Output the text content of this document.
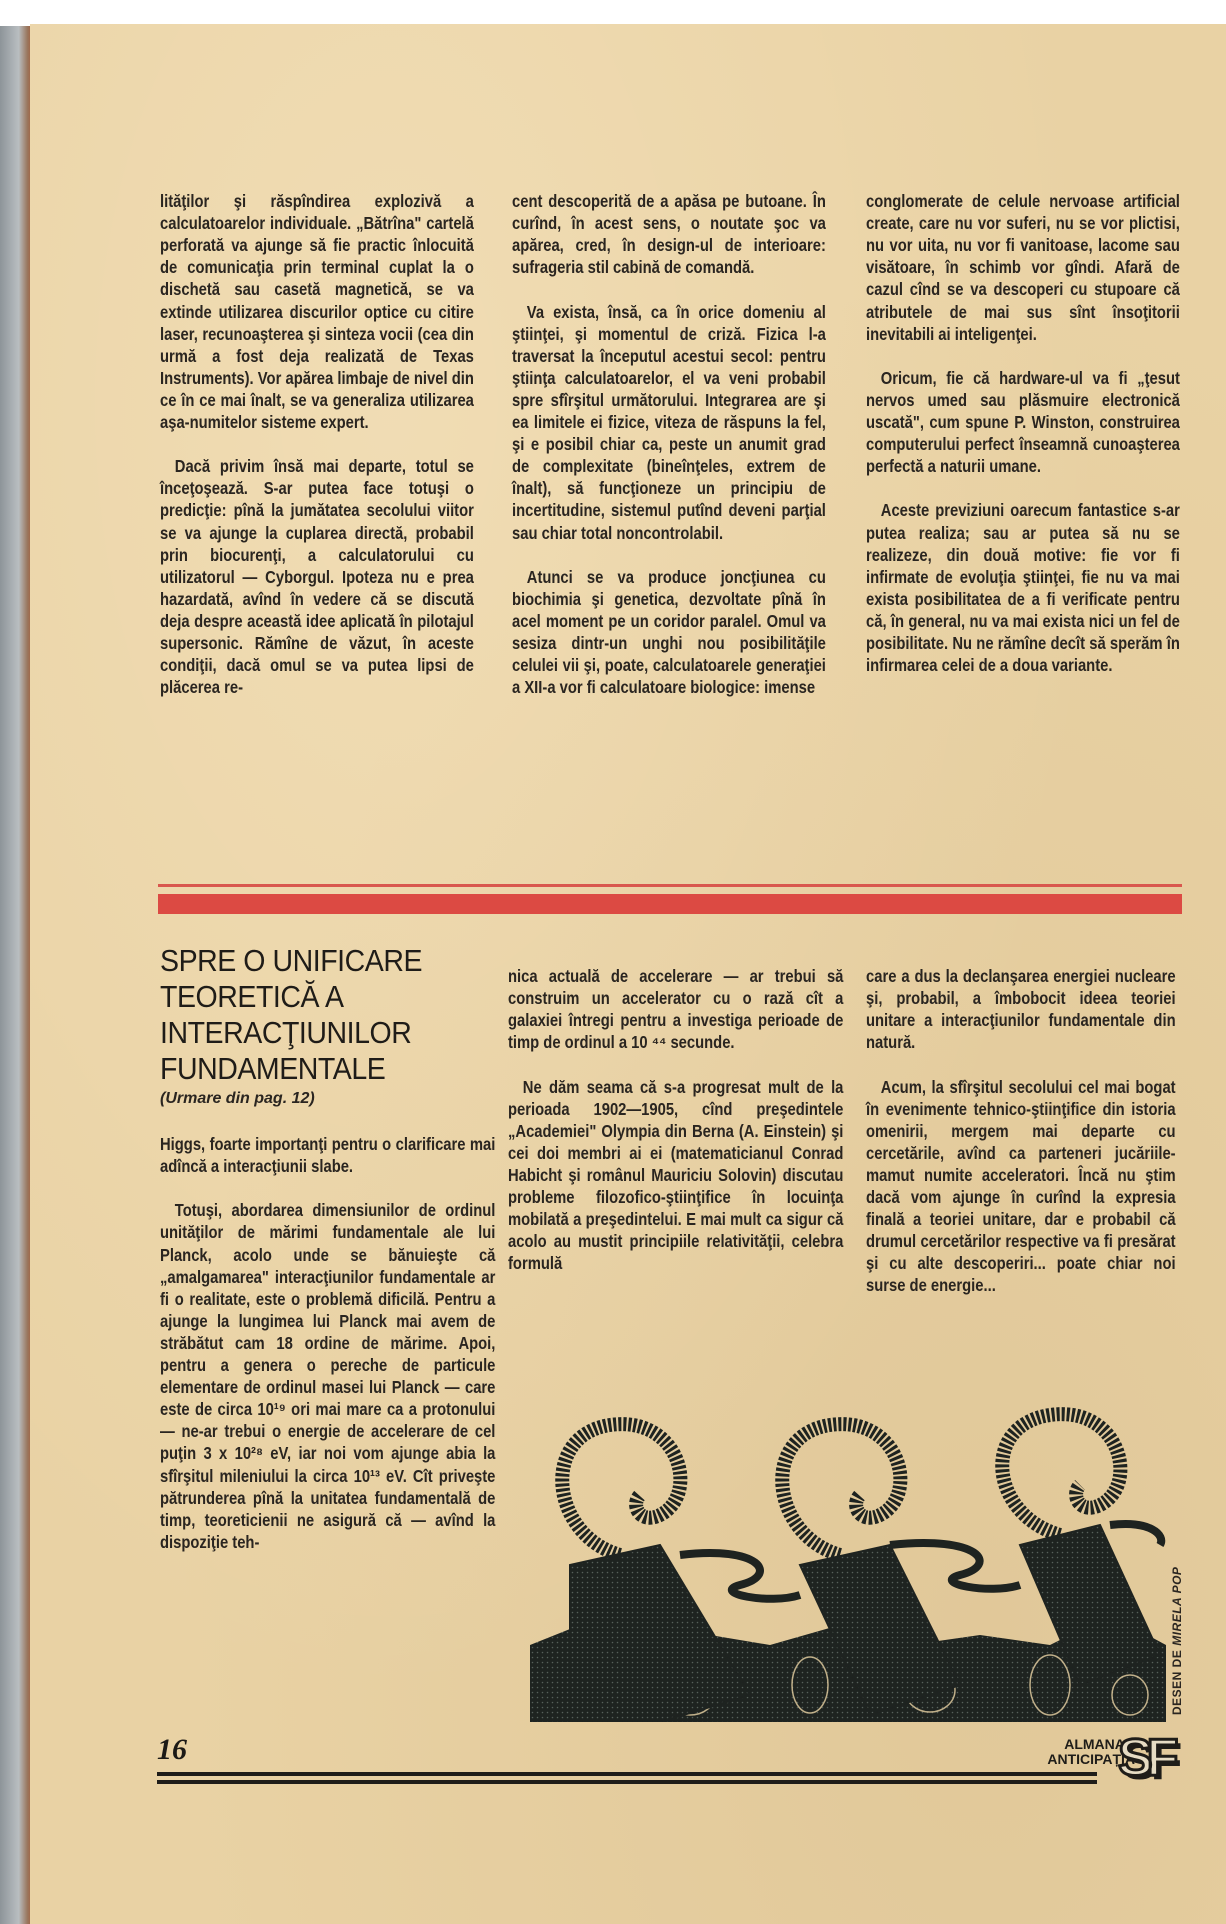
lităţilor şi răspîndirea explozivă a calculatoarelor individuale. „Bătrîna" cartelă perforată va ajunge să fie practic înlocuită de comunicaţia prin terminal cuplat la o dischetă sau casetă magnetică, se va extinde utilizarea discurilor optice cu citire laser, recunoaşterea şi sinteza vocii (cea din urmă a fost deja realizată de Texas Instruments). Vor apărea limbaje de nivel din ce în ce mai înalt, se va generaliza utilizarea aşa-numitelor sisteme expert.

Dacă privim însă mai departe, totul se înceţoşează. S-ar putea face totuşi o predicţie: pînă la jumătatea secolului viitor se va ajunge la cuplarea directă, probabil prin biocurenţi, a calculatorului cu utilizatorul — Cyborgul. Ipoteza nu e prea hazardată, avînd în vedere că se discută deja despre această idee aplicată în pilotajul supersonic. Rămîne de văzut, în aceste condiţii, dacă omul se va putea lipsi de plăcerea re-

cent descoperită de a apăsa pe butoane. În curînd, în acest sens, o noutate şoc va apărea, cred, în design-ul de interioare: sufrageria stil cabină de comandă.

Va exista, însă, ca în orice domeniu al ştiinţei, şi momentul de criză. Fizica l-a traversat la începutul acestui secol: pentru ştiinţa calculatoarelor, el va veni probabil spre sfîrşitul următorului. Integrarea are şi ea limitele ei fizice, viteza de răspuns la fel, şi e posibil chiar ca, peste un anumit grad de complexitate (bineînţeles, extrem de înalt), să funcţioneze un principiu de incertitudine, sistemul putînd deveni parţial sau chiar total noncontrolabil.

Atunci se va produce joncţiunea cu biochimia şi genetica, dezvoltate pînă în acel moment pe un coridor paralel. Omul va sesiza dintr-un unghi nou posibilităţile celulei vii şi, poate, calculatoarele generaţiei a XII-a vor fi calculatoare biologice: imense

conglomerate de celule nervoase artificial create, care nu vor suferi, nu se vor plictisi, nu vor uita, nu vor fi vanitoase, lacome sau visătoare, în schimb vor gîndi. Afară de cazul cînd se va descoperi cu stupoare că atributele de mai sus sînt însoţitorii inevitabili ai inteligenţei.

Oricum, fie că hardware-ul va fi „ţesut nervos umed sau plăsmuire electronică uscată", cum spune P. Winston, construirea computerului perfect înseamnă cunoaşterea perfectă a naturii umane.

Aceste previziuni oarecum fantastice s-ar putea realiza; sau ar putea să nu se realizeze, din două motive: fie vor fi infirmate de evoluţia ştiinţei, fie nu va mai exista posibilitatea de a fi verificate pentru că, în general, nu va mai exista nici un fel de posibilitate. Nu ne rămîne decît să sperăm în infirmarea celei de a doua variante.

SPRE O UNIFICARE
TEORETICĂ A
INTERACŢIUNILOR
FUNDAMENTALE
(Urmare din pag. 12)

Higgs, foarte importanţi pentru o clarificare mai adîncă a interacţiunii slabe.

Totuşi, abordarea dimensiunilor de ordinul unităţilor de mărimi fundamentale ale lui Planck, acolo unde se bănuieşte că „amalgamarea" interacţiunilor fundamentale ar fi o realitate, este o problemă dificilă. Pentru a ajunge la lungimea lui Planck mai avem de străbătut cam 18 ordine de mărime. Apoi, pentru a genera o pereche de particule elementare de ordinul masei lui Planck — care este de circa 10¹⁹ ori mai mare ca a protonului — ne-ar trebui o energie de accelerare de cel puţin 3 x 10²⁸ eV, iar noi vom ajunge abia la sfîrşitul mileniului la circa 10¹³ eV. Cît priveşte pătrunderea pînă la unitatea fundamentală de timp, teoreticienii ne asigură că — avînd la dispoziţie teh-

nica actuală de accelerare — ar trebui să construim un accelerator cu o rază cît a galaxiei întregi pentru a investiga perioade de timp de ordinul a 10 ⁴⁴ secunde.

Ne dăm seama că s-a progresat mult de la perioada 1902—1905, cînd preşedintele „Academiei" Olympia din Berna (A. Einstein) şi cei doi membri ai ei (matematicianul Conrad Habicht şi românul Mauriciu Solovin) discutau probleme filozofico-ştiinţifice în locuinţa mobilată a preşedintelui. E mai mult ca sigur că acolo au mustit principiile relativităţii, celebra formulă

care a dus la declanşarea energiei nucleare şi, probabil, a îmbobocit ideea teoriei unitare a interacţiunilor fundamentale din natură.

Acum, la sfîrşitul secolului cel mai bogat în evenimente tehnico-ştiinţifice din istoria omenirii, mergem mai departe cu cercetările, avînd ca parteneri jucăriile-mamut numite acceleratori. Încă nu ştim dacă vom ajunge în curînd la expresia finală a teoriei unitare, dar e probabil că drumul cercetărilor respective va fi presărat şi cu alte descoperiri... poate chiar noi surse de energie...

DESEN DE MIRELA POP
16	ALMANAH
ANTICIPAȚIA
SF
